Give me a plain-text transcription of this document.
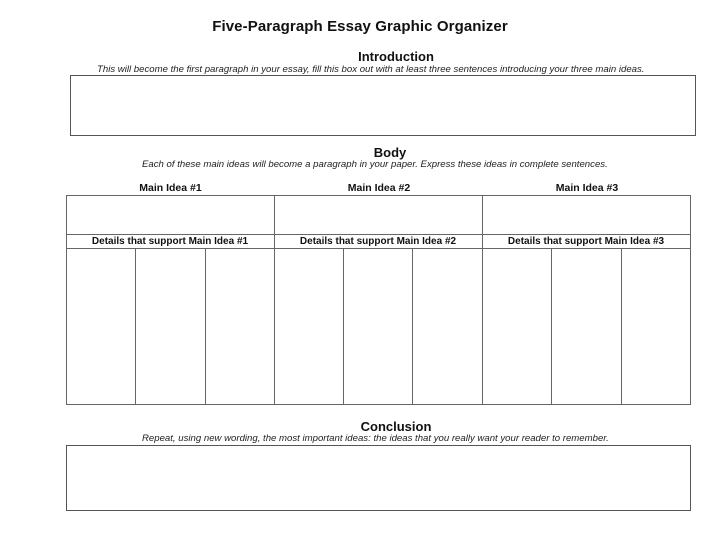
Five-Paragraph Essay Graphic Organizer
Introduction
This will become the first paragraph in your essay, fill this box out with at least three sentences introducing your three main ideas.
Body
Each of these main ideas will become a paragraph in your paper. Express these ideas in complete sentences.
Main Idea #1	Main Idea #2	Main Idea #3
Details that support Main Idea #1	Details that support Main Idea #2	Details that support Main Idea #3
Conclusion
Repeat, using new wording, the most important ideas: the ideas that you really want your reader to remember.
